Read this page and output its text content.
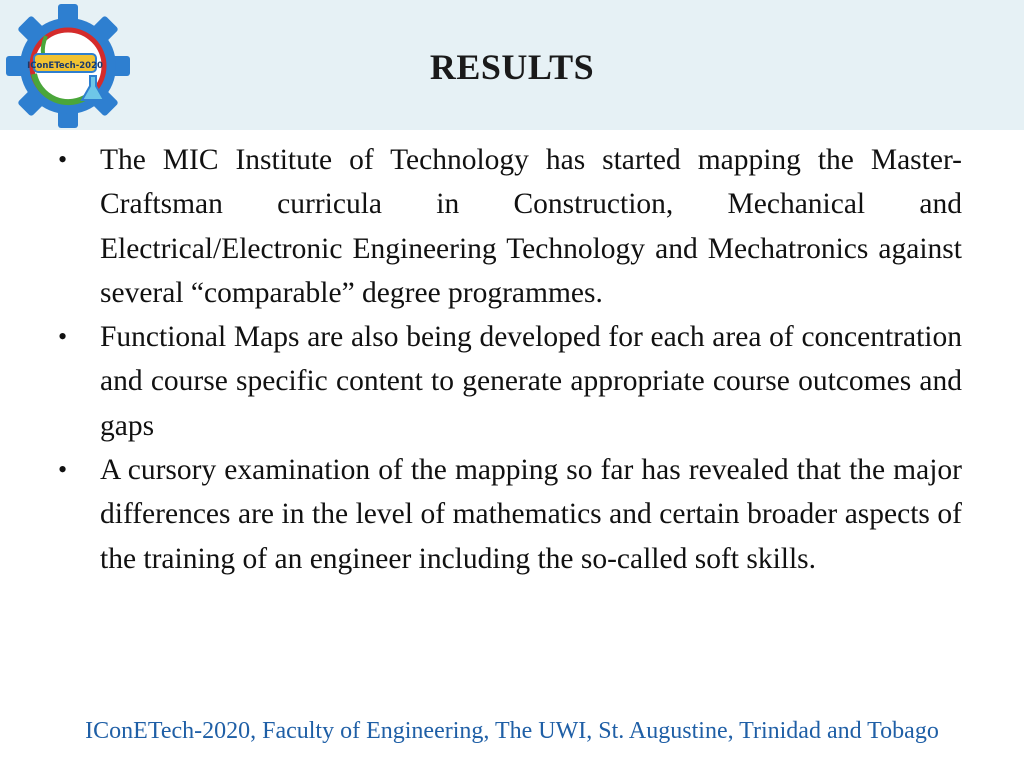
IConETech-2020	RESULTS
• The MIC Institute of Technology has started mapping the Master-Craftsman curricula in Construction, Mechanical and Electrical/Electronic Engineering Technology and Mechatronics against several “comparable” degree programmes.
• Functional Maps are also being developed for each area of concentration and course specific content to generate appropriate course outcomes and gaps
• A cursory examination of the mapping so far has revealed that the major differences are in the level of mathematics and certain broader aspects of the training of an engineer including the so-called soft skills.
IConETech-2020, Faculty of Engineering, The UWI, St. Augustine, Trinidad and Tobago
